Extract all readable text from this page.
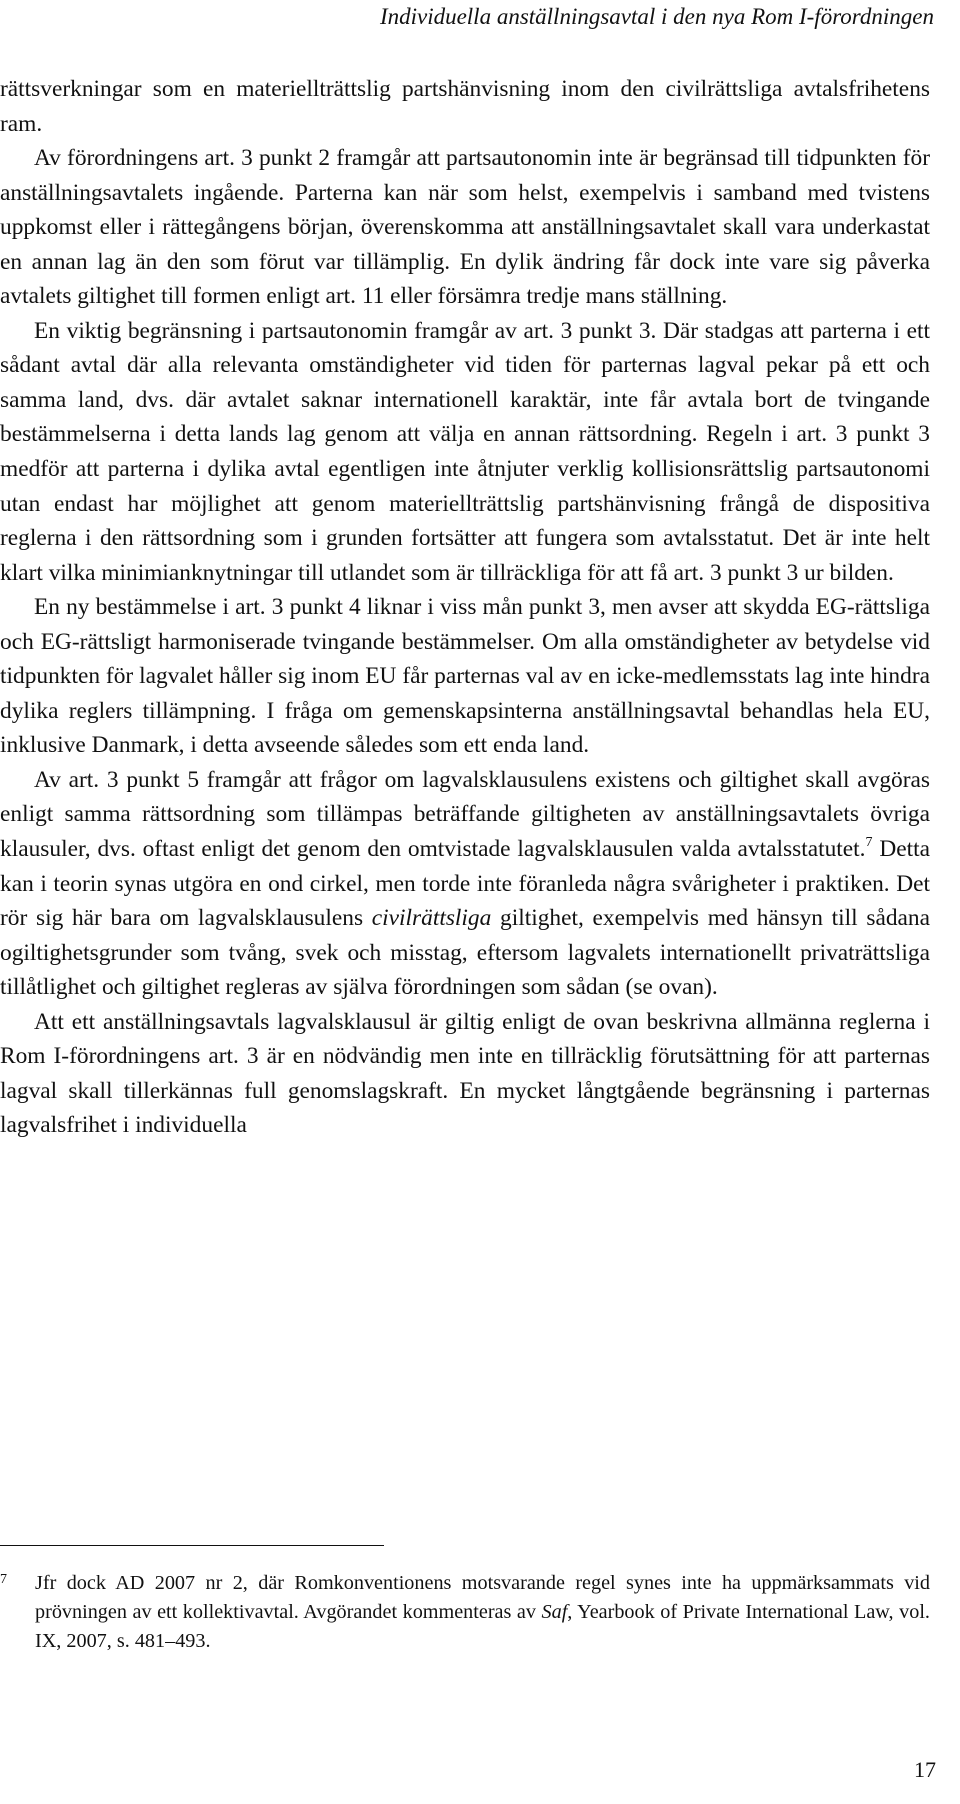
Individuella anställningsavtal i den nya Rom I-förordningen

rättsverkningar som en materiellträttslig partshänvisning inom den civilrättsliga avtalsfrihetens ram.

Av förordningens art. 3 punkt 2 framgår att partsautonomin inte är begränsad till tidpunkten för anställningsavtalets ingående. Parterna kan när som helst, exempelvis i samband med tvistens uppkomst eller i rättegångens början, överenskomma att anställningsavtalet skall vara underkastat en annan lag än den som förut var tillämplig. En dylik ändring får dock inte vare sig påverka avtalets giltighet till formen enligt art. 11 eller försämra tredje mans ställning.

En viktig begränsning i partsautonomin framgår av art. 3 punkt 3. Där stadgas att parterna i ett sådant avtal där alla relevanta omständigheter vid tiden för parternas lagval pekar på ett och samma land, dvs. där avtalet saknar internationell karaktär, inte får avtala bort de tvingande bestämmelserna i detta lands lag genom att välja en annan rättsordning. Regeln i art. 3 punkt 3 medför att parterna i dylika avtal egentligen inte åtnjuter verklig kollisionsrättslig partsautonomi utan endast har möjlighet att genom materiellträttslig partshänvisning frångå de dispositiva reglerna i den rättsordning som i grunden fortsätter att fungera som avtalsstatut. Det är inte helt klart vilka minimianknytningar till utlandet som är tillräckliga för att få art. 3 punkt 3 ur bilden.

En ny bestämmelse i art. 3 punkt 4 liknar i viss mån punkt 3, men avser att skydda EG-rättsliga och EG-rättsligt harmoniserade tvingande bestämmelser. Om alla omständigheter av betydelse vid tidpunkten för lagvalet håller sig inom EU får parternas val av en icke-medlemsstats lag inte hindra dylika reglers tillämpning. I fråga om gemenskapsinterna anställningsavtal behandlas hela EU, inklusive Danmark, i detta avseende således som ett enda land.

Av art. 3 punkt 5 framgår att frågor om lagvalsklausulens existens och giltighet skall avgöras enligt samma rättsordning som tillämpas beträffande giltigheten av anställningsavtalets övriga klausuler, dvs. oftast enligt det genom den omtvistade lagvalsklausulen valda avtalsstatutet.$^7$ Detta kan i teorin synas utgöra en ond cirkel, men torde inte föranleda några svårigheter i praktiken. Det rör sig här bara om lagvalsklausulens civilrättsliga giltighet, exempelvis med hänsyn till sådana ogiltighetsgrunder som tvång, svek och misstag, eftersom lagvalets internationellt privaträttsliga tillåtlighet och giltighet regleras av själva förordningen som sådan (se ovan).

Att ett anställningsavtals lagvalsklausul är giltig enligt de ovan beskrivna allmänna reglerna i Rom I-förordningens art. 3 är en nödvändig men inte en tillräcklig förutsättning för att parternas lagval skall tillerkännas full genomslagskraft. En mycket långtgående begränsning i parternas lagvalsfrihet i individuella

7 Jfr dock AD 2007 nr 2, där Romkonventionens motsvarande regel synes inte ha uppmärksammats vid prövningen av ett kollektivavtal. Avgörandet kommenteras av Saf, Yearbook of Private International Law, vol. IX, 2007, s. 481–493.
17
